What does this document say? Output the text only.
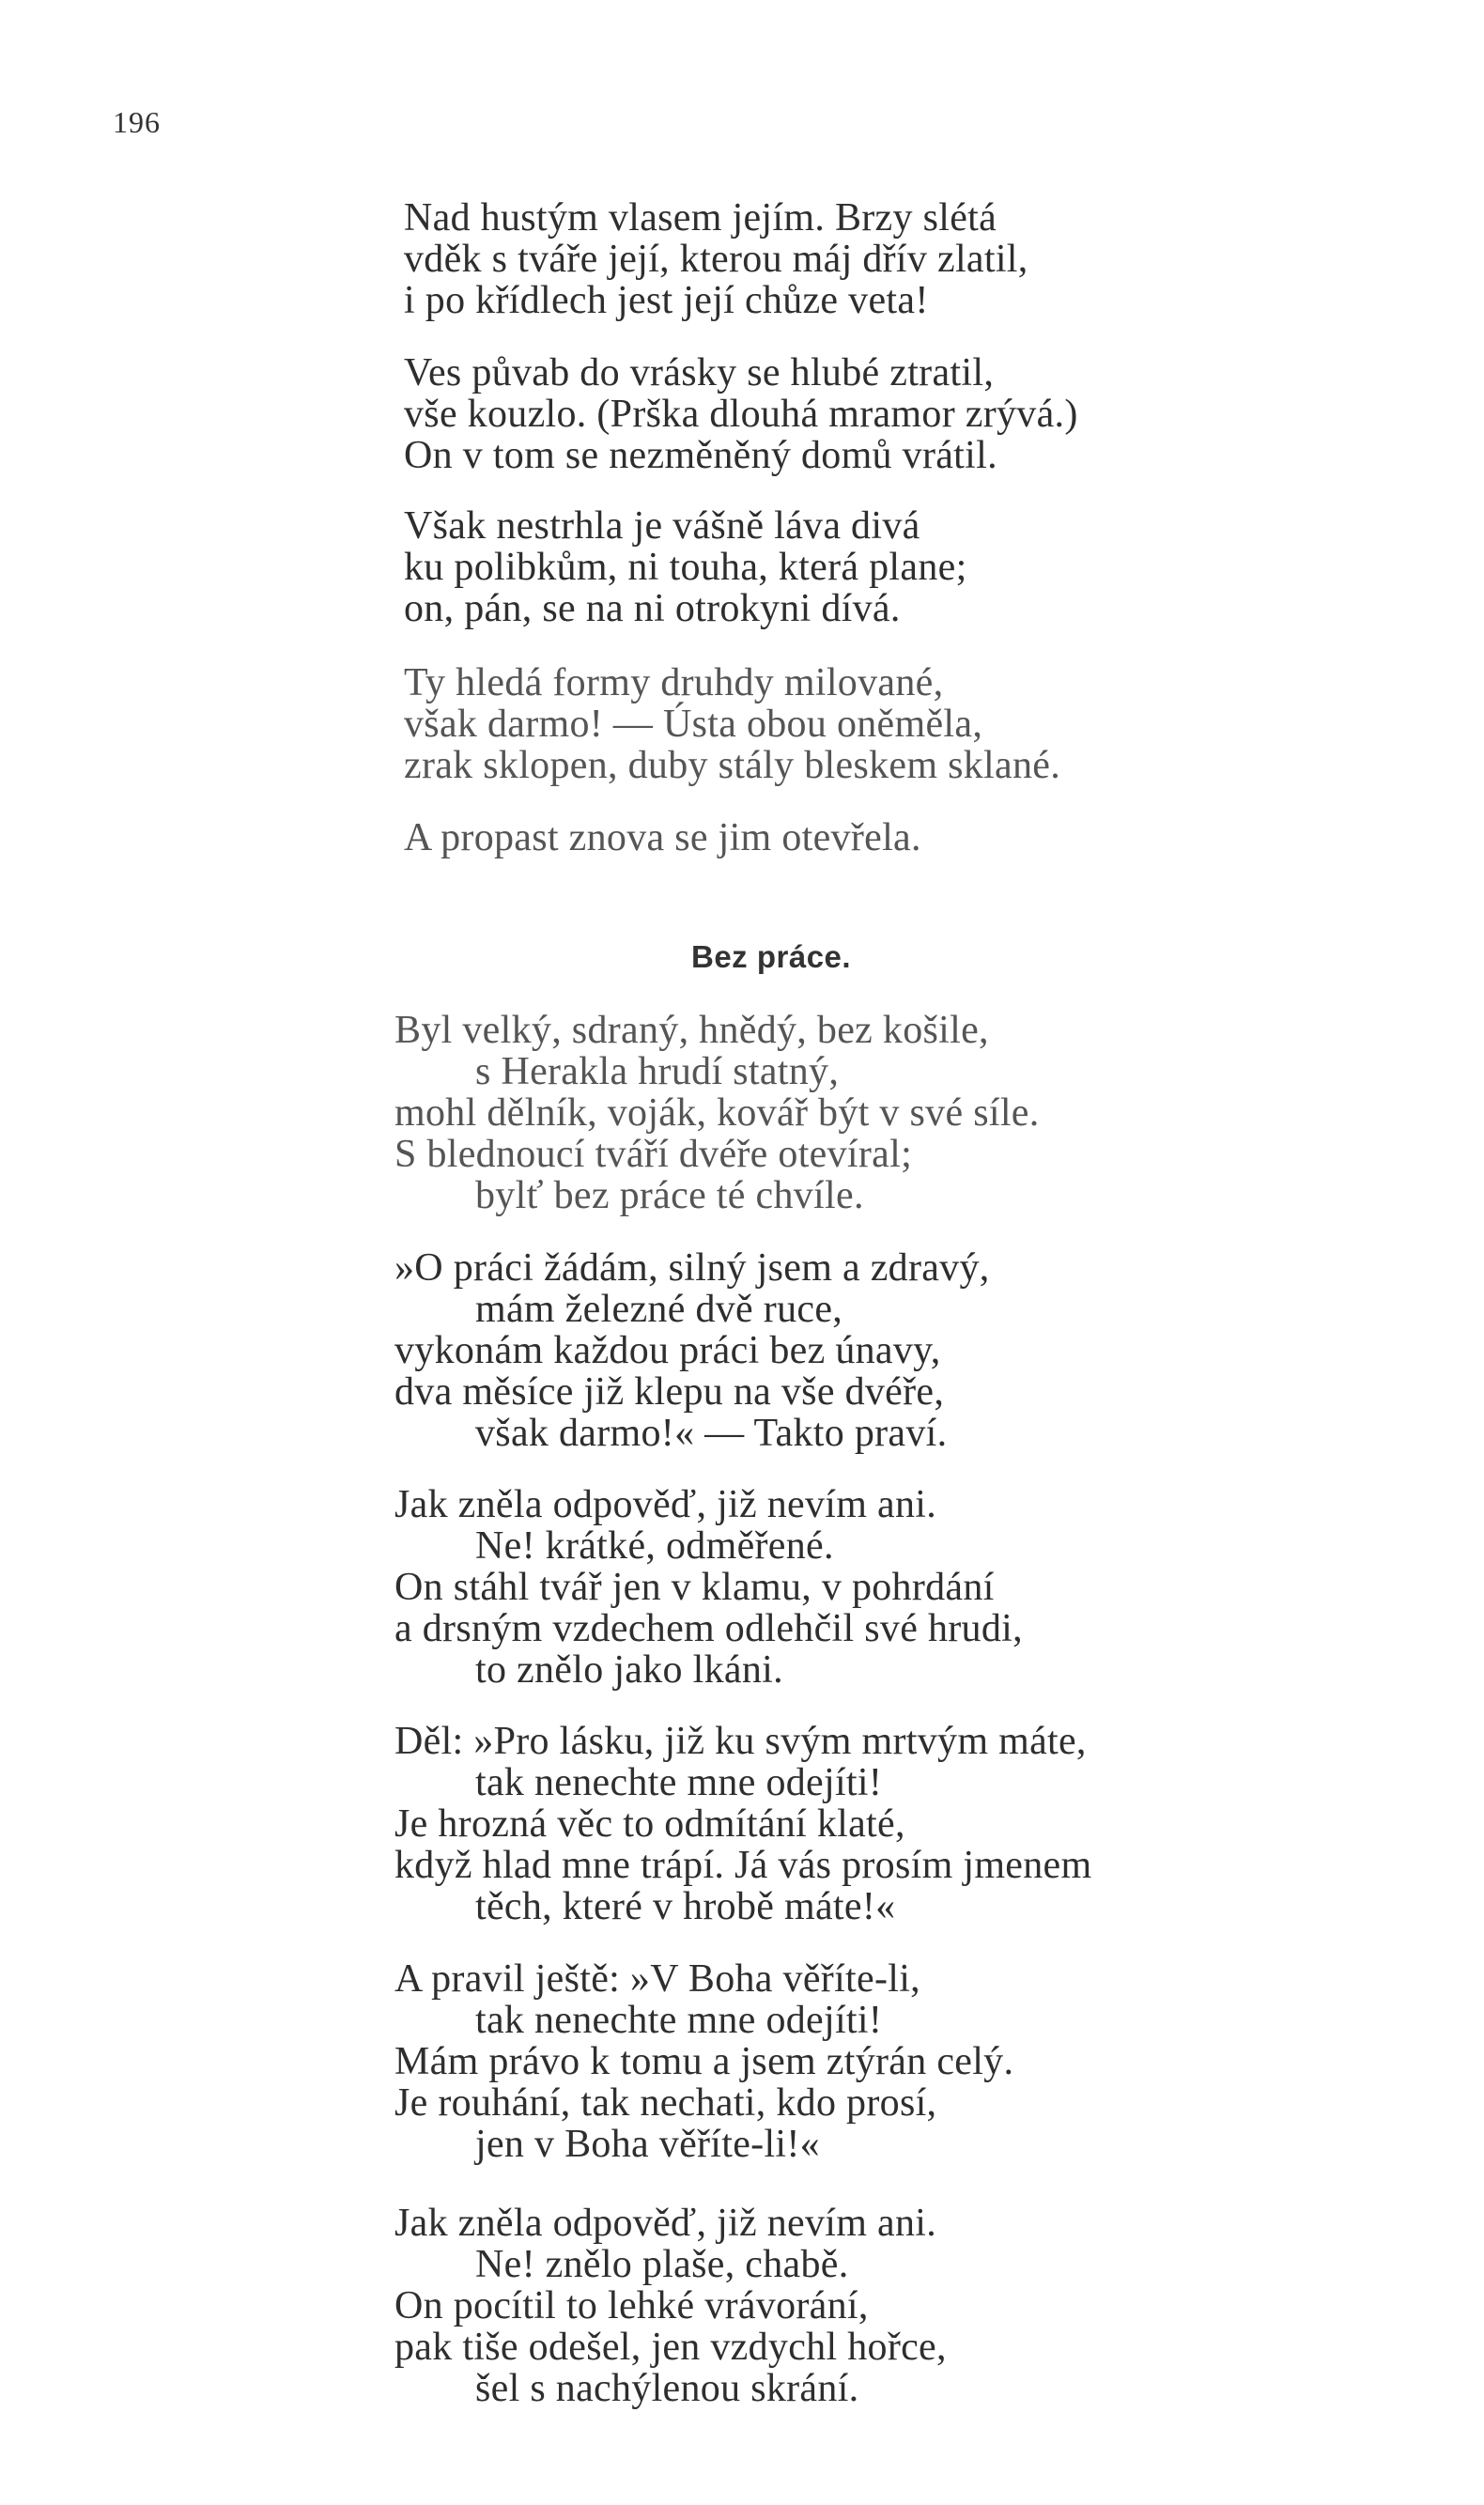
196
Nad hustým vlasem jejím. Brzy slétá
vděk s tváře její, kterou máj dřív zlatil,
i po křídlech jest její chůze veta!
Ves půvab do vrásky se hlubé ztratil,
vše kouzlo. (Prška dlouhá mramor zrývá.)
On v tom se nezměněný domů vrátil.
Však nestrhla je vášně láva divá
ku polibkům, ni touha, která plane;
on, pán, se na ni otrokyni dívá.
Ty hledá formy druhdy milované,
však darmo! — Ústa obou oněměla,
zrak sklopen, duby stály bleskem sklané.
A propast znova se jim otevřela.
Bez práce.
Byl velký, sdraný, hnědý, bez košile,
s Herakla hrudí statný,
mohl dělník, voják, kovář být v své síle.
S blednoucí tváří dvéře otevíral;
bylť bez práce té chvíle.
»O práci žádám, silný jsem a zdravý,
mám železné dvě ruce,
vykonám každou práci bez únavy,
dva měsíce již klepu na vše dvéře,
však darmo!« — Takto praví.
Jak zněla odpověď, již nevím ani.
Ne! krátké, odměřené.
On stáhl tvář jen v klamu, v pohrdání
a drsným vzdechem odlehčil své hrudi,
to znělo jako lkáni.
Děl: »Pro lásku, již ku svým mrtvým máte,
tak nenechte mne odejíti!
Je hrozná věc to odmítání klaté,
když hlad mne trápí. Já vás prosím jmenem
těch, které v hrobě máte!«
A pravil ještě: »V Boha věříte-li,
tak nenechte mne odejíti!
Mám právo k tomu a jsem ztýrán celý.
Je rouhání, tak nechati, kdo prosí,
jen v Boha věříte-li!«
Jak zněla odpověď, již nevím ani.
Ne! znělo plaše, chabě.
On pocítil to lehké vrávorání,
pak tiše odešel, jen vzdychl hořce,
šel s nachýlenou skrání.
